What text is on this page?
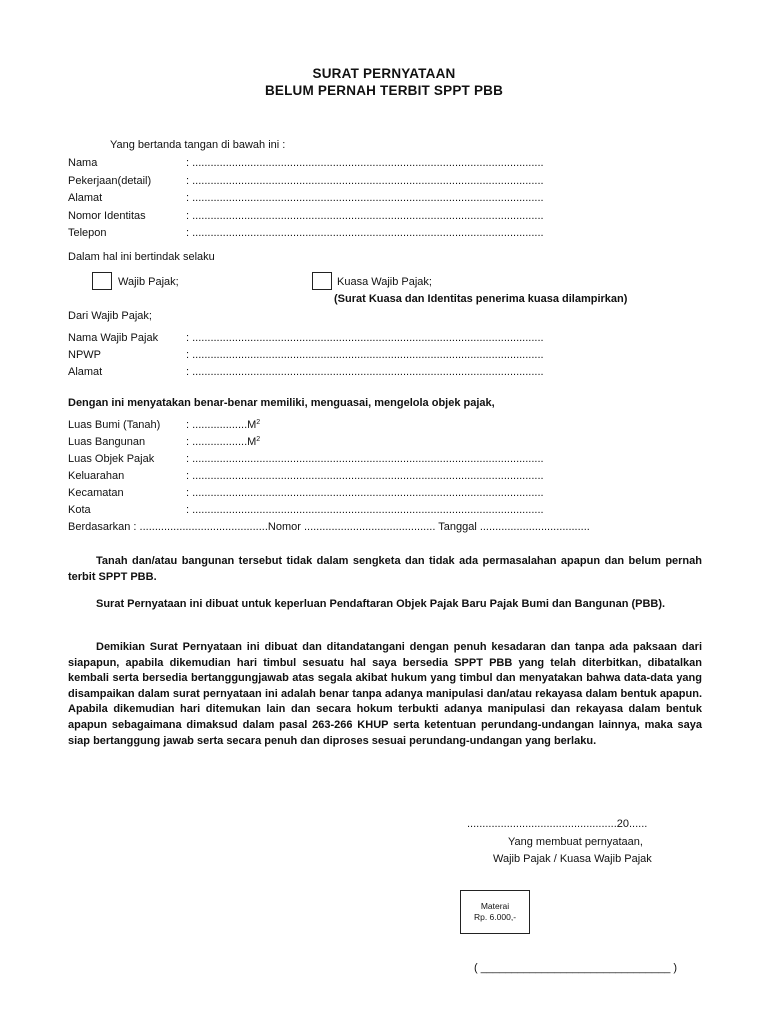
SURAT PERNYATAAN
BELUM PERNAH TERBIT SPPT PBB
Yang bertanda tangan di bawah ini :
Nama	: ...................................................................................................................
Pekerjaan(detail)	: ...................................................................................................................
Alamat	: ...................................................................................................................
Nomor Identitas	: ...................................................................................................................
Telepon	: ...................................................................................................................
Dalam hal ini bertindak selaku
Wajib Pajak;	Kuasa Wajib Pajak;
(Surat Kuasa dan Identitas penerima kuasa dilampirkan)
Dari Wajib Pajak;
Nama Wajib Pajak	: ...................................................................................................................
NPWP	: ...................................................................................................................
Alamat	: ...................................................................................................................
Dengan ini menyatakan benar-benar memiliki, menguasai, mengelola objek pajak,
Luas Bumi (Tanah) : $..................M^2$
Luas Bangunan	: $..................M^2$
Luas Objek Pajak	: ...................................................................................................................
Keluarahan	: ...................................................................................................................
Kecamatan	: ...................................................................................................................
Kota	: ...................................................................................................................
Berdasarkan : ..........................................Nomor ........................................... Tanggal ....................................
Tanah dan/atau bangunan tersebut tidak dalam sengketa dan tidak ada permasalahan apapun dan belum pernah terbit SPPT PBB.
Surat Pernyataan ini dibuat untuk keperluan Pendaftaran Objek Pajak Baru Pajak Bumi dan Bangunan (PBB).
Demikian Surat Pernyataan ini dibuat dan ditandatangani dengan penuh kesadaran dan tanpa ada paksaan dari siapapun, apabila dikemudian hari timbul sesuatu hal saya bersedia SPPT PBB yang telah diterbitkan, dibatalkan kembali serta bersedia bertanggungjawab atas segala akibat hukum yang timbul dan menyatakan bahwa data-data yang disampaikan dalam surat pernyataan ini adalah benar tanpa adanya manipulasi dan/atau rekayasa dalam bentuk apapun. Apabila dikemudian hari ditemukan lain dan secara hokum terbukti adanya manipulasi dan rekayasa dalam bentuk apapun sebagaimana dimaksud dalam pasal 263-266 KHUP serta ketentuan perundang-undangan lainnya, maka saya siap bertanggung jawab serta secara penuh dan diproses sesuai perundang-undangan yang berlaku.
.................................................20......
Yang membuat pernyataan,
Wajib Pajak / Kuasa Wajib Pajak
Materai
Rp. 6.000,-
( _______________________________ )
